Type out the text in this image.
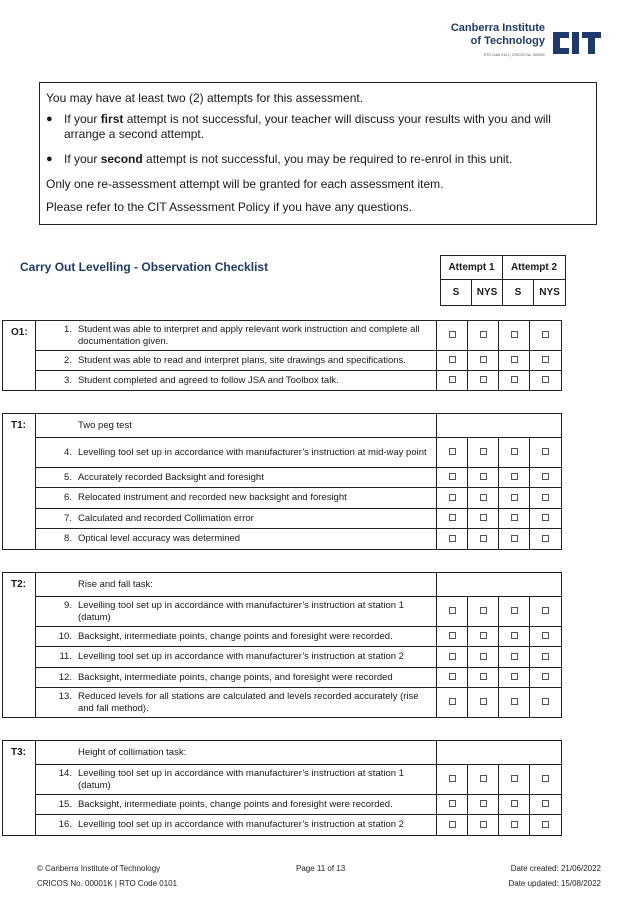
Canberra Institute
of Technology
RTO Code 0101 | CRICOS No. 00001K
CIT

You may have at least two (2) attempts for this assessment.

● If your first attempt is not successful, your teacher will discuss your results with you and will arrange a second attempt.
● If your second attempt is not successful, you may be required to re-enrol in this unit.

Only one re-assessment attempt will be granted for each assessment item.

Please refer to the CIT Assessment Policy if you have any questions.

Carry Out Levelling - Observation Checklist	Attempt 1		Attempt 2	
S	NYS	S	NYS
O1:	1. Student was able to interpret and apply relevant work instruction and complete all documentation given.				

	2. Student was able to read and interpret plans, site drawings and specifications.				

	3. Student completed and agreed to follow JSA and Toolbox talk.				

T1:	Two peg test				

	4. Levelling tool set up in accordance with manufacturer’s instruction at mid-way point				

	5. Accurately recorded Backsight and foresight				

	6. Relocated instrument and recorded new backsight and foresight				

	7. Calculated and recorded Collimation error				

	8. Optical level accuracy was determined				

T2:	Rise and fall task:				

	9. Levelling tool set up in accordance with manufacturer’s instruction at station 1 (datum)				

	10. Backsight, intermediate points, change points and foresight were recorded.				

	11. Levelling tool set up in accordance with manufacturer’s instruction at station 2				

	12. Backsight, intermediate points, change points, and foresight were recorded				

	13. Reduced levels for all stations are calculated and levels recorded accurately (rise and fall method).				

T3:	Height of collimation task:				

	14. Levelling tool set up in accordance with manufacturer’s instruction at station 1 (datum)				

	15. Backsight, intermediate points, change points and foresight were recorded.				

	16. Levelling tool set up in accordance with manufacturer’s instruction at station 2				

© Canberra Institute of Technology
CRICOS No. 00001K | RTO Code 0101
Page 11 of 13	Date created: 21/06/2022
Date updated: 15/08/2022
